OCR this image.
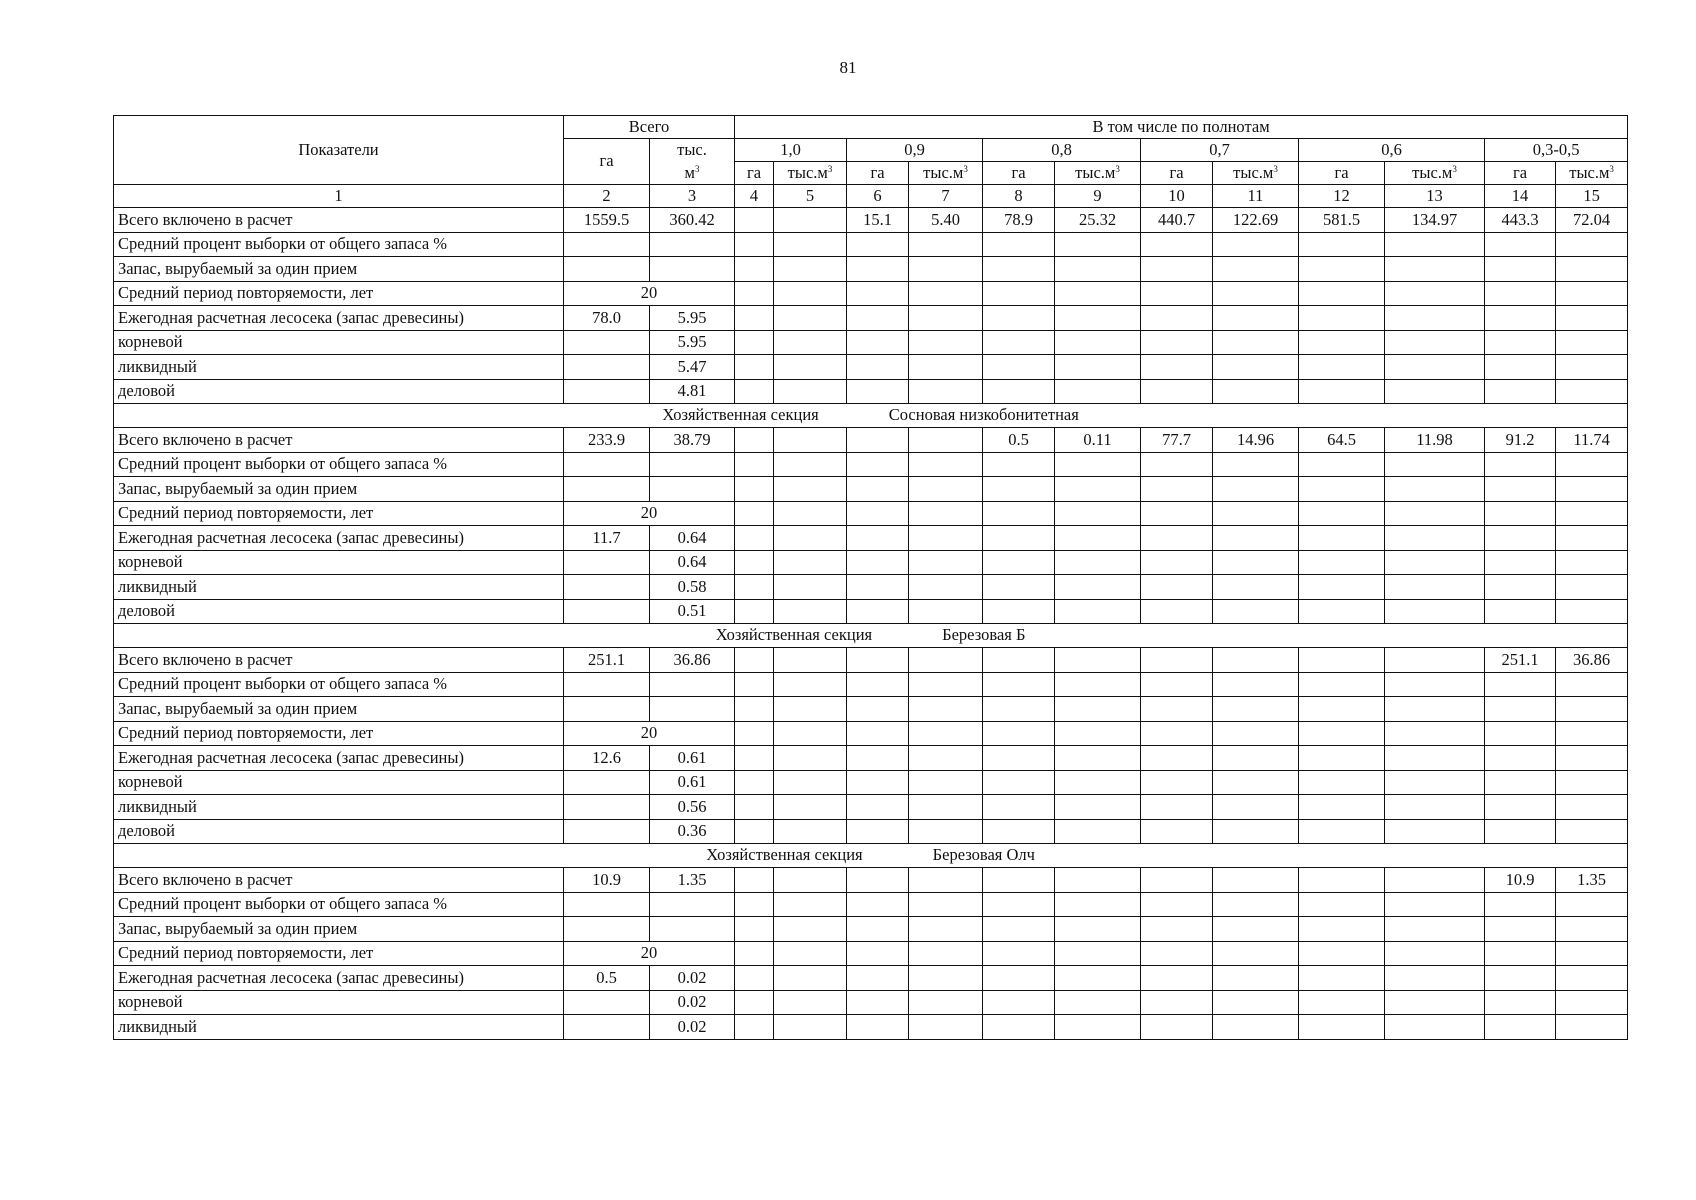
81
Показатели	Всего		В том числе по полнотам											
	га	тыс.	1,0		0,9		0,8		0,7		0,6		0,3-0,5	
		$м^3$	га	$тыс.м^3$	га	$тыс.м^3$	га	$тыс.м^3$	га	$тыс.м^3$	га	$тыс.м^3$	га	$тыс.м^3$
1	2	3	4	5	6	7	8	9	10	11	12	13	14	15
Всего включено в расчет	1559.5	360.42			15.1	5.40	78.9	25.32	440.7	122.69	581.5	134.97	443.3	72.04
Средний процент выборки от общего запаса %														
Запас, вырубаемый за один прием														
Средний период повторяемости, лет	20													
Ежегодная расчетная лесосека (запас древесины)	78.0	5.95												
корневой		5.95												
ликвидный		5.47												
деловой		4.81												
Хозяйственная секция Сосновая низкобонитетная														
Всего включено в расчет	233.9	38.79					0.5	0.11	77.7	14.96	64.5	11.98	91.2	11.74
Средний процент выборки от общего запаса %														
Запас, вырубаемый за один прием														
Средний период повторяемости, лет	20													
Ежегодная расчетная лесосека (запас древесины)	11.7	0.64												
корневой		0.64												
ликвидный		0.58												
деловой		0.51												
Хозяйственная секция Березовая Б														
Всего включено в расчет	251.1	36.86											251.1	36.86
Средний процент выборки от общего запаса %														
Запас, вырубаемый за один прием														
Средний период повторяемости, лет	20													
Ежегодная расчетная лесосека (запас древесины)	12.6	0.61												
корневой		0.61												
ликвидный		0.56												
деловой		0.36												
Хозяйственная секция Березовая Олч														
Всего включено в расчет	10.9	1.35											10.9	1.35
Средний процент выборки от общего запаса %														
Запас, вырубаемый за один прием														
Средний период повторяемости, лет	20													
Ежегодная расчетная лесосека (запас древесины)	0.5	0.02												
корневой		0.02												
ликвидный		0.02												
